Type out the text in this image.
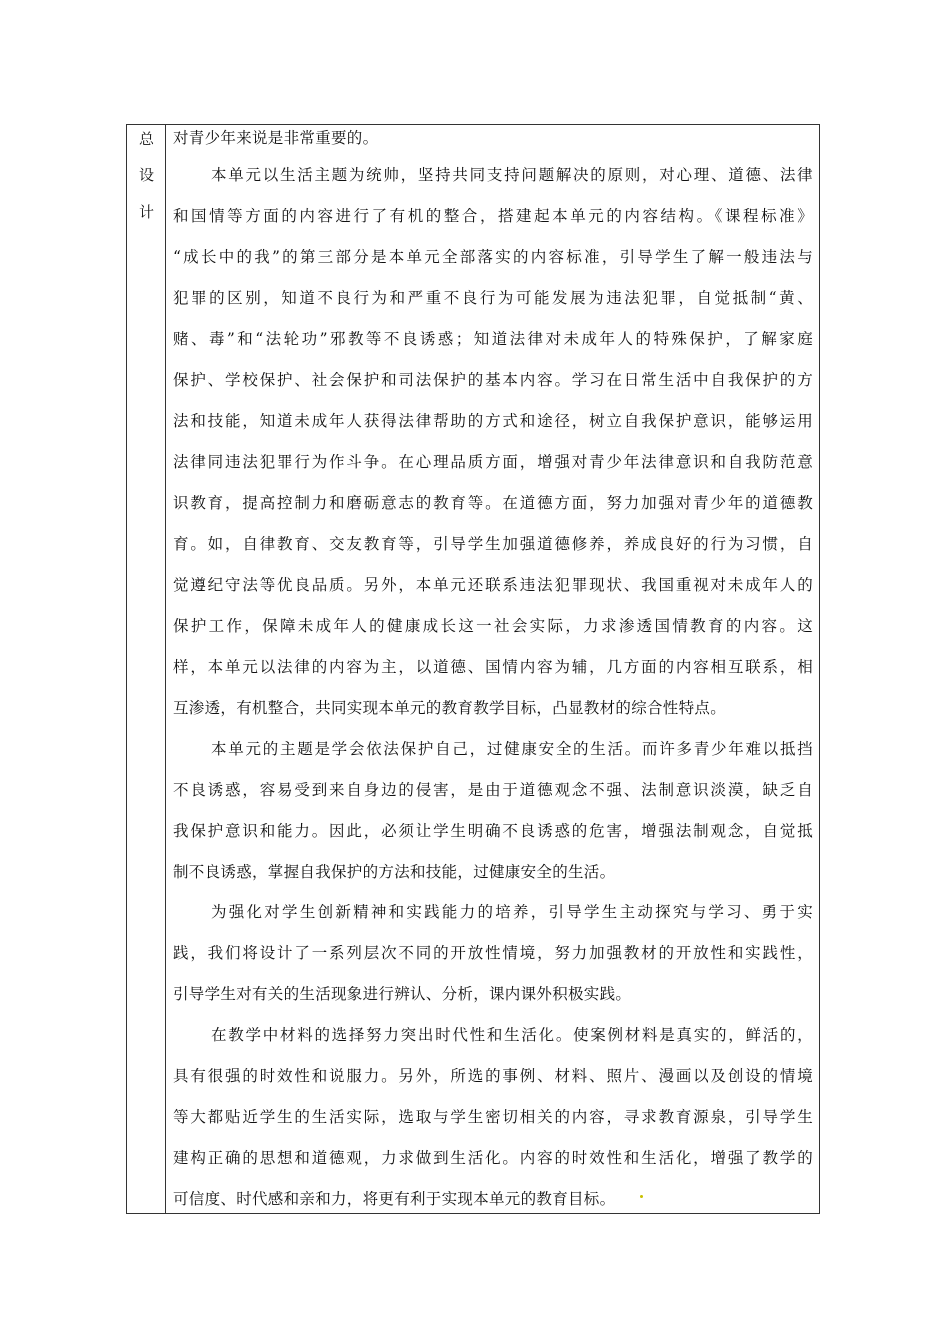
总
设
计
对青少年来说是非常重要的。
本单元以生活主题为统帅，坚持共同支持问题解决的原则，对心理、道德、法律
和国情等方面的内容进行了有机的整合，搭建起本单元的内容结构。《课程标准》
“成长中的我”的第三部分是本单元全部落实的内容标准，引导学生了解一般违法与
犯罪的区别，知道不良行为和严重不良行为可能发展为违法犯罪，自觉抵制“黄、
赌、毒”和“法轮功”邪教等不良诱惑；知道法律对未成年人的特殊保护，了解家庭
保护、学校保护、社会保护和司法保护的基本内容。学习在日常生活中自我保护的方
法和技能，知道未成年人获得法律帮助的方式和途径，树立自我保护意识，能够运用
法律同违法犯罪行为作斗争。在心理品质方面，增强对青少年法律意识和自我防范意
识教育，提高控制力和磨砺意志的教育等。在道德方面，努力加强对青少年的道德教
育。如，自律教育、交友教育等，引导学生加强道德修养，养成良好的行为习惯，自
觉遵纪守法等优良品质。另外，本单元还联系违法犯罪现状、我国重视对未成年人的
保护工作，保障未成年人的健康成长这一社会实际，力求渗透国情教育的内容。这
样，本单元以法律的内容为主，以道德、国情内容为辅，几方面的内容相互联系，相
互渗透，有机整合，共同实现本单元的教育教学目标，凸显教材的综合性特点。
本单元的主题是学会依法保护自己，过健康安全的生活。而许多青少年难以抵挡
不良诱惑，容易受到来自身边的侵害，是由于道德观念不强、法制意识淡漠，缺乏自
我保护意识和能力。因此，必须让学生明确不良诱惑的危害，增强法制观念，自觉抵
制不良诱惑，掌握自我保护的方法和技能，过健康安全的生活。
为强化对学生创新精神和实践能力的培养，引导学生主动探究与学习、勇于实
践，我们将设计了一系列层次不同的开放性情境，努力加强教材的开放性和实践性，
引导学生对有关的生活现象进行辨认、分析，课内课外积极实践。
在教学中材料的选择努力突出时代性和生活化。使案例材料是真实的，鲜活的，
具有很强的时效性和说服力。另外，所选的事例、材料、照片、漫画以及创设的情境
等大都贴近学生的生活实际，选取与学生密切相关的内容，寻求教育源泉，引导学生
建构正确的思想和道德观，力求做到生活化。内容的时效性和生活化，增强了教学的
可信度、时代感和亲和力，将更有利于实现本单元的教育目标。
